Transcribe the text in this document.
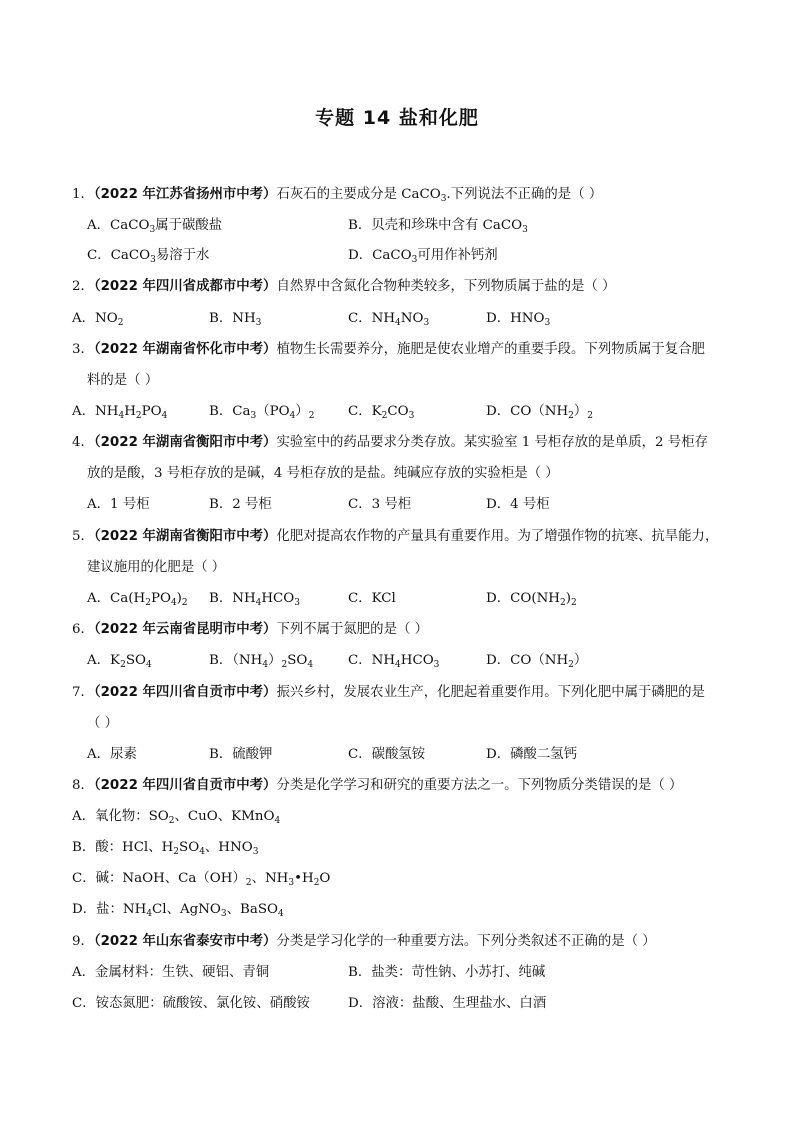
专题 14 盐和化肥
1．（2022 年江苏省扬州市中考）石灰石的主要成分是 CaCO$_3$.下列说法不正确的是（ ）
A．CaCO$_3$属于碳酸盐	B．贝壳和珍珠中含有 CaCO$_3$
C．CaCO$_3$易溶于水	D．CaCO$_3$可用作补钙剂
2．（2022 年四川省成都市中考）自然界中含氮化合物种类较多，下列物质属于盐的是（ ）
A．$NO_2$	B．$NH_3$	C．$NH_4NO_3$	D．$HNO_3$
3．（2022 年湖南省怀化市中考）植物生长需要养分，施肥是使农业增产的重要手段。下列物质属于复合肥
料的是（ ）
A．$NH_4H_2PO_4$	B．$Ca_3(PO_4)_2$	C．$K_2CO_3$	D．$CO(NH_2)_2$
4．（2022 年湖南省衡阳市中考）实验室中的药品要求分类存放。某实验室 1 号柜存放的是单质，2 号柜存
放的是酸，3 号柜存放的是碱，4 号柜存放的是盐。纯碱应存放的实验柜是（ ）
A．1 号柜	B．2 号柜	C．3 号柜	D．4 号柜
5．（2022 年湖南省衡阳市中考）化肥对提高农作物的产量具有重要作用。为了增强作物的抗寒、抗旱能力，
建议施用的化肥是（ ）
A．$Ca(H_2PO_4)_2$ B．$NH_4HCO_3$	C．KCl	D．$CO(NH_2)_2$
6．（2022 年云南省昆明市中考）下列不属于氮肥的是（ ）
A．$K_2SO_4$	B．$(NH_4)_2SO_4$	C．$NH_4HCO_3$	D．$CO(NH_2)$
7．（2022 年四川省自贡市中考）振兴乡村，发展农业生产，化肥起着重要作用。下列化肥中属于磷肥的是
（ ）
A．尿素	B．硫酸钾	C．碳酸氢铵	D．磷酸二氢钙
8．（2022 年四川省自贡市中考）分类是化学学习和研究的重要方法之一。下列物质分类错误的是（ ）
A．氧化物：$SO_2$、CuO、KMnO$_4$
B．酸：HCl、$H_2SO_4$、$HNO_3$
C．碱：NaOH、$Ca(OH)_2$、$NH_3•H_2O$
D．盐：$NH_4Cl$、AgNO$_3$、BaSO$_4$
9．（2022 年山东省泰安市中考）分类是学习化学的一种重要方法。下列分类叙述不正确的是（ ）
A．金属材料：生铁、硬铝、青铜	B．盐类：苛性钠、小苏打、纯碱
C．铵态氮肥：硫酸铵、氯化铵、硝酸铵	D．溶液：盐酸、生理盐水、白酒
